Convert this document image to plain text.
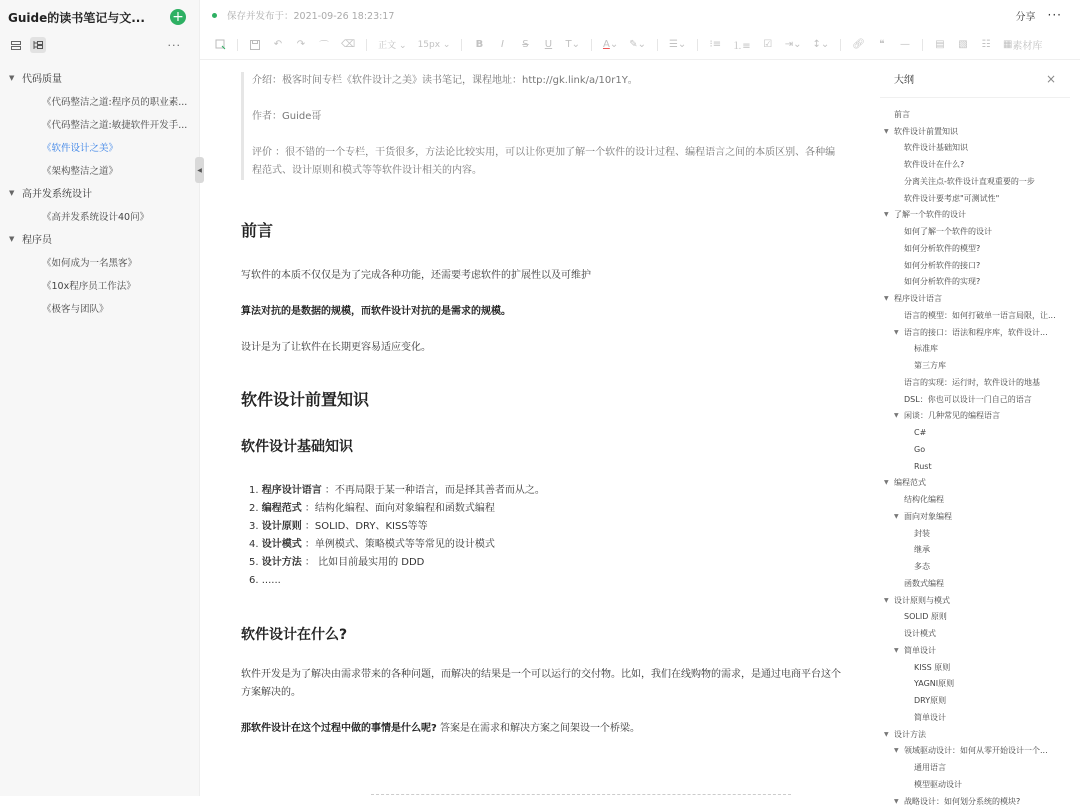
Guide的读书笔记与文...	+
···
▼ 代码质量
《代码整洁之道:程序员的职业素...
《代码整洁之道:敏捷软件开发手...
《软件设计之美》
《架构整洁之道》
▼ 高并发系统设计
《高并发系统设计40问》
▼ 程序员
《如何成为一名黑客》
《10x程序员工作法》
《极客与团队》
◀
保存并发布于：2021-09-26 18:23:17	分享 ···
↶ ↷ ⌒ ⌫	正文 ⌄ 15px ⌄	B I S U T⌄ A ⌄ ✎⌄ ☰⌄ ⁝≡ ⒈≡ ☑ ⇥⌄ ↕⌄ 🔗︎	❝	—	▤ ▧ ☷ ▦ 素材库

介绍：极客时间专栏《软件设计之美》读书笔记，课程地址：http://gk.link/a/10r1Y。

作者：Guide哥

评价 ：很不错的一个专栏，干货很多，方法论比较实用，可以让你更加了解一个软件的设计过程、编程语言之间的本质区别、各种编程范式、设计原则和模式等等软件设计相关的内容。

前言
写软件的本质不仅仅是为了完成各种功能，还需要考虑软件的扩展性以及可维护
算法对抗的是数据的规模，而软件设计对抗的是需求的规模。
设计是为了让软件在长期更容易适应变化。
软件设计前置知识
软件设计基础知识
1. 程序设计语言 ：不再局限于某一种语言，而是择其善者而从之。
2. 编程范式 ：结构化编程、面向对象编程和函数式编程
3. 设计原则 ：SOLID、DRY、KISS等等
4. 设计模式 ：单例模式、策略模式等等常见的设计模式
5. 设计方法 ： 比如目前最实用的 DDD
6. ......
软件设计在什么?
软件开发是为了解决由需求带来的各种问题，而解决的结果是一个可以运行的交付物。比如，我们在线购物的需求，是通过电商平台这个方案解决的。
那软件设计在这个过程中做的事情是什么呢? 答案是在需求和解决方案之间架设一个桥梁。
大纲	×
前言
▼ 软件设计前置知识
软件设计基础知识
软件设计在什么?
分离关注点-软件设计直观重要的一步
软件设计要考虑"可测试性"
▼ 了解一个软件的设计
如何了解一个软件的设计
如何分析软件的模型?
如何分析软件的接口?
如何分析软件的实现?
▼ 程序设计语言
语言的模型：如何打破单一语言局限，让...
▼ 语言的接口：语法和程序库，软件设计...
标准库
第三方库
语言的实现：运行时，软件设计的地基
DSL：你也可以设计一门自己的语言
▼ 闲谈：几种常见的编程语言
C#
Go
Rust
▼ 编程范式
结构化编程
▼ 面向对象编程
封装
继承
多态
函数式编程
▼ 设计原则与模式
SOLID 原则
设计模式
▼ 简单设计
KISS 原则
YAGNI原则
DRY原则
简单设计
▼ 设计方法
▼ 领域驱动设计：如何从零开始设计一个...
通用语言
模型驱动设计
▼ 战略设计：如何划分系统的模块?
